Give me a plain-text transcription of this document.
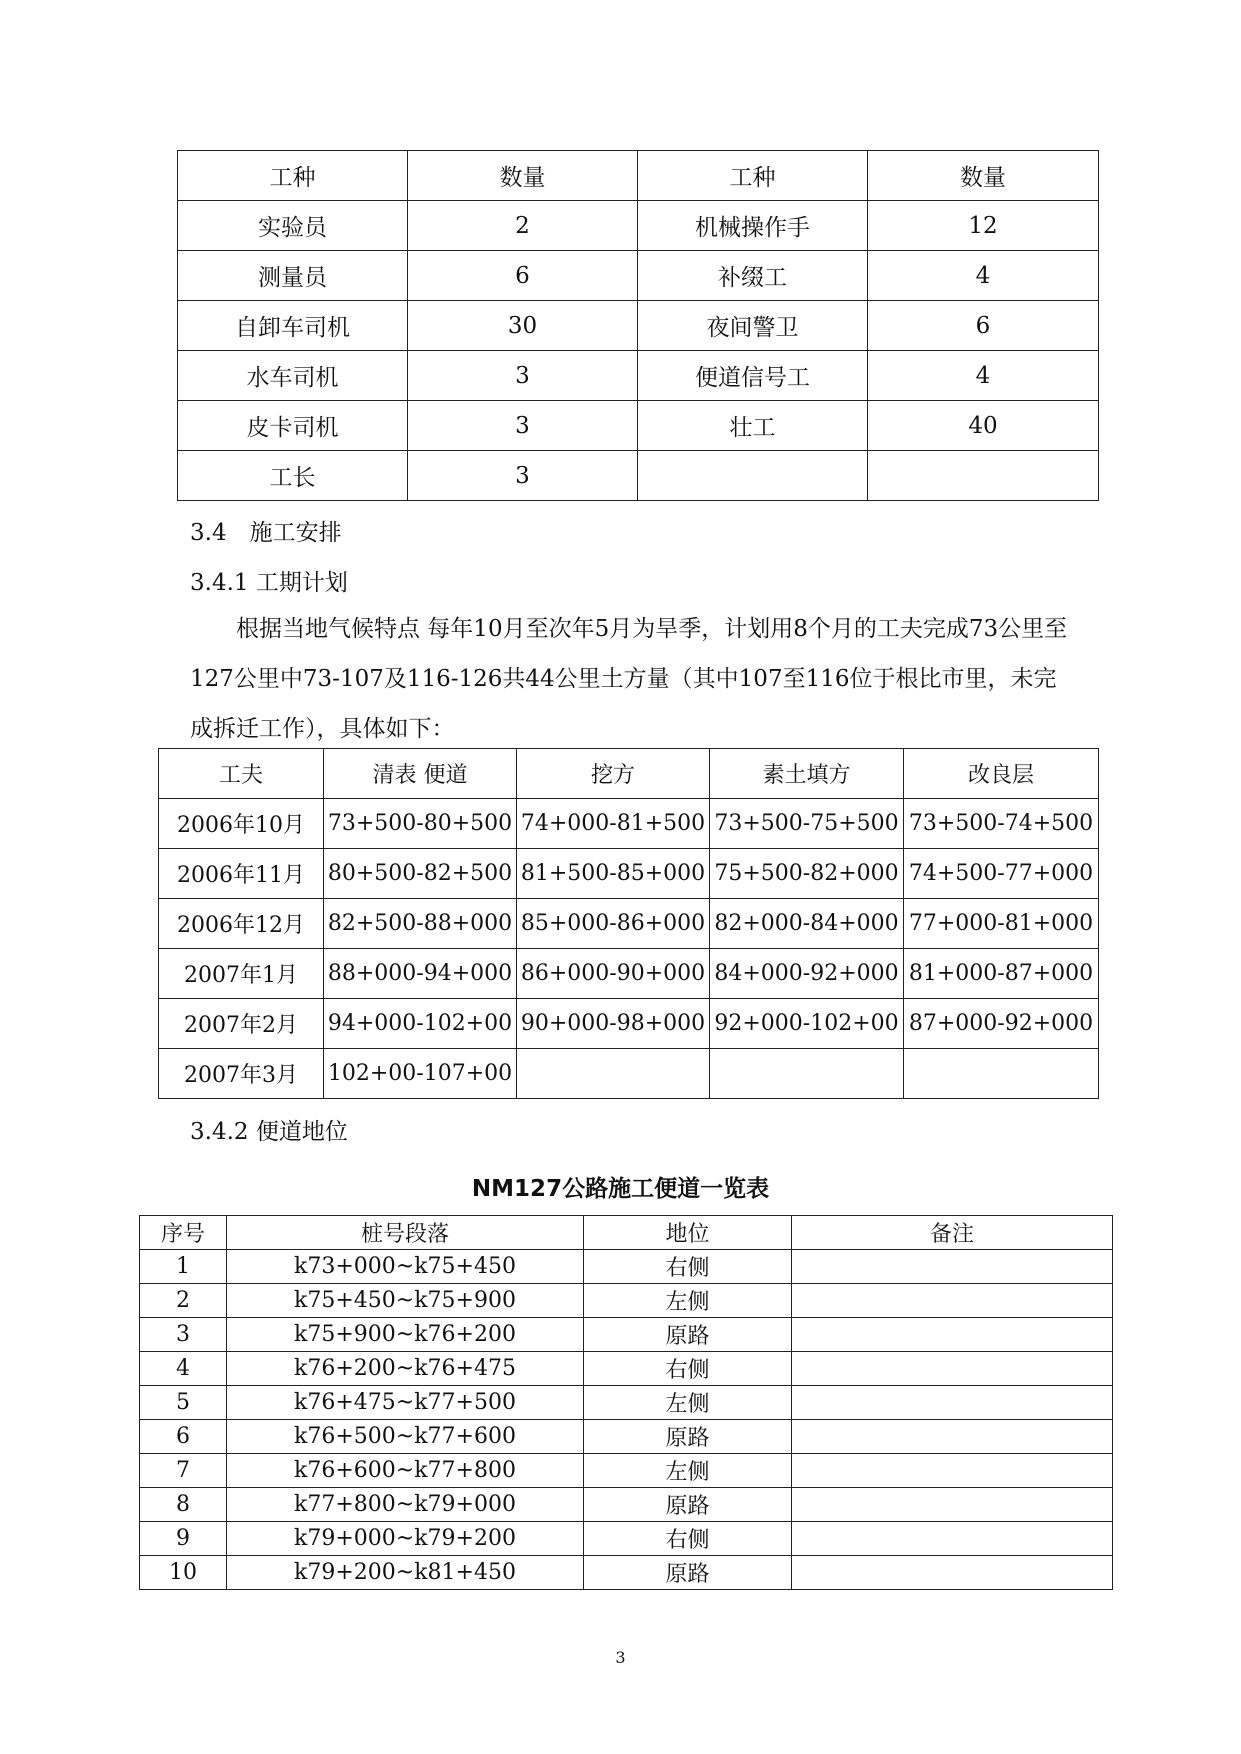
工种	数量	工种	数量
实验员	2	机械操作手	12
测量员	6	补缀工	4
自卸车司机	30	夜间警卫	6
水车司机	3	便道信号工	4
皮卡司机	3	壮工	40
工长	3		
3.4　施工安排
3.4.1 工期计划
根据当地气候特点 每年10月至次年5月为旱季，计划用8个月的工夫完成73公里至127公里中73-107及116-126共44公里土方量（其中107至116位于根比市里，未完成拆迁工作），具体如下：
工夫	清表 便道	挖方	素土填方	改良层
2006年10月	73+500-80+500	74+000-81+500	73+500-75+500	73+500-74+500
2006年11月	80+500-82+500	81+500-85+000	75+500-82+000	74+500-77+000
2006年12月	82+500-88+000	85+000-86+000	82+000-84+000	77+000-81+000
2007年1月	88+000-94+000	86+000-90+000	84+000-92+000	81+000-87+000
2007年2月	94+000-102+00	90+000-98+000	92+000-102+00	87+000-92+000
2007年3月	102+00-107+00			
3.4.2 便道地位
NM127公路施工便道一览表
序号	桩号段落	地位	备注
1	k73+000~k75+450	右侧	
2	k75+450~k75+900	左侧	
3	k75+900~k76+200	原路	
4	k76+200~k76+475	右侧	
5	k76+475~k77+500	左侧	
6	k76+500~k77+600	原路	
7	k76+600~k77+800	左侧	
8	k77+800~k79+000	原路	
9	k79+000~k79+200	右侧	
10	k79+200~k81+450	原路	
3
